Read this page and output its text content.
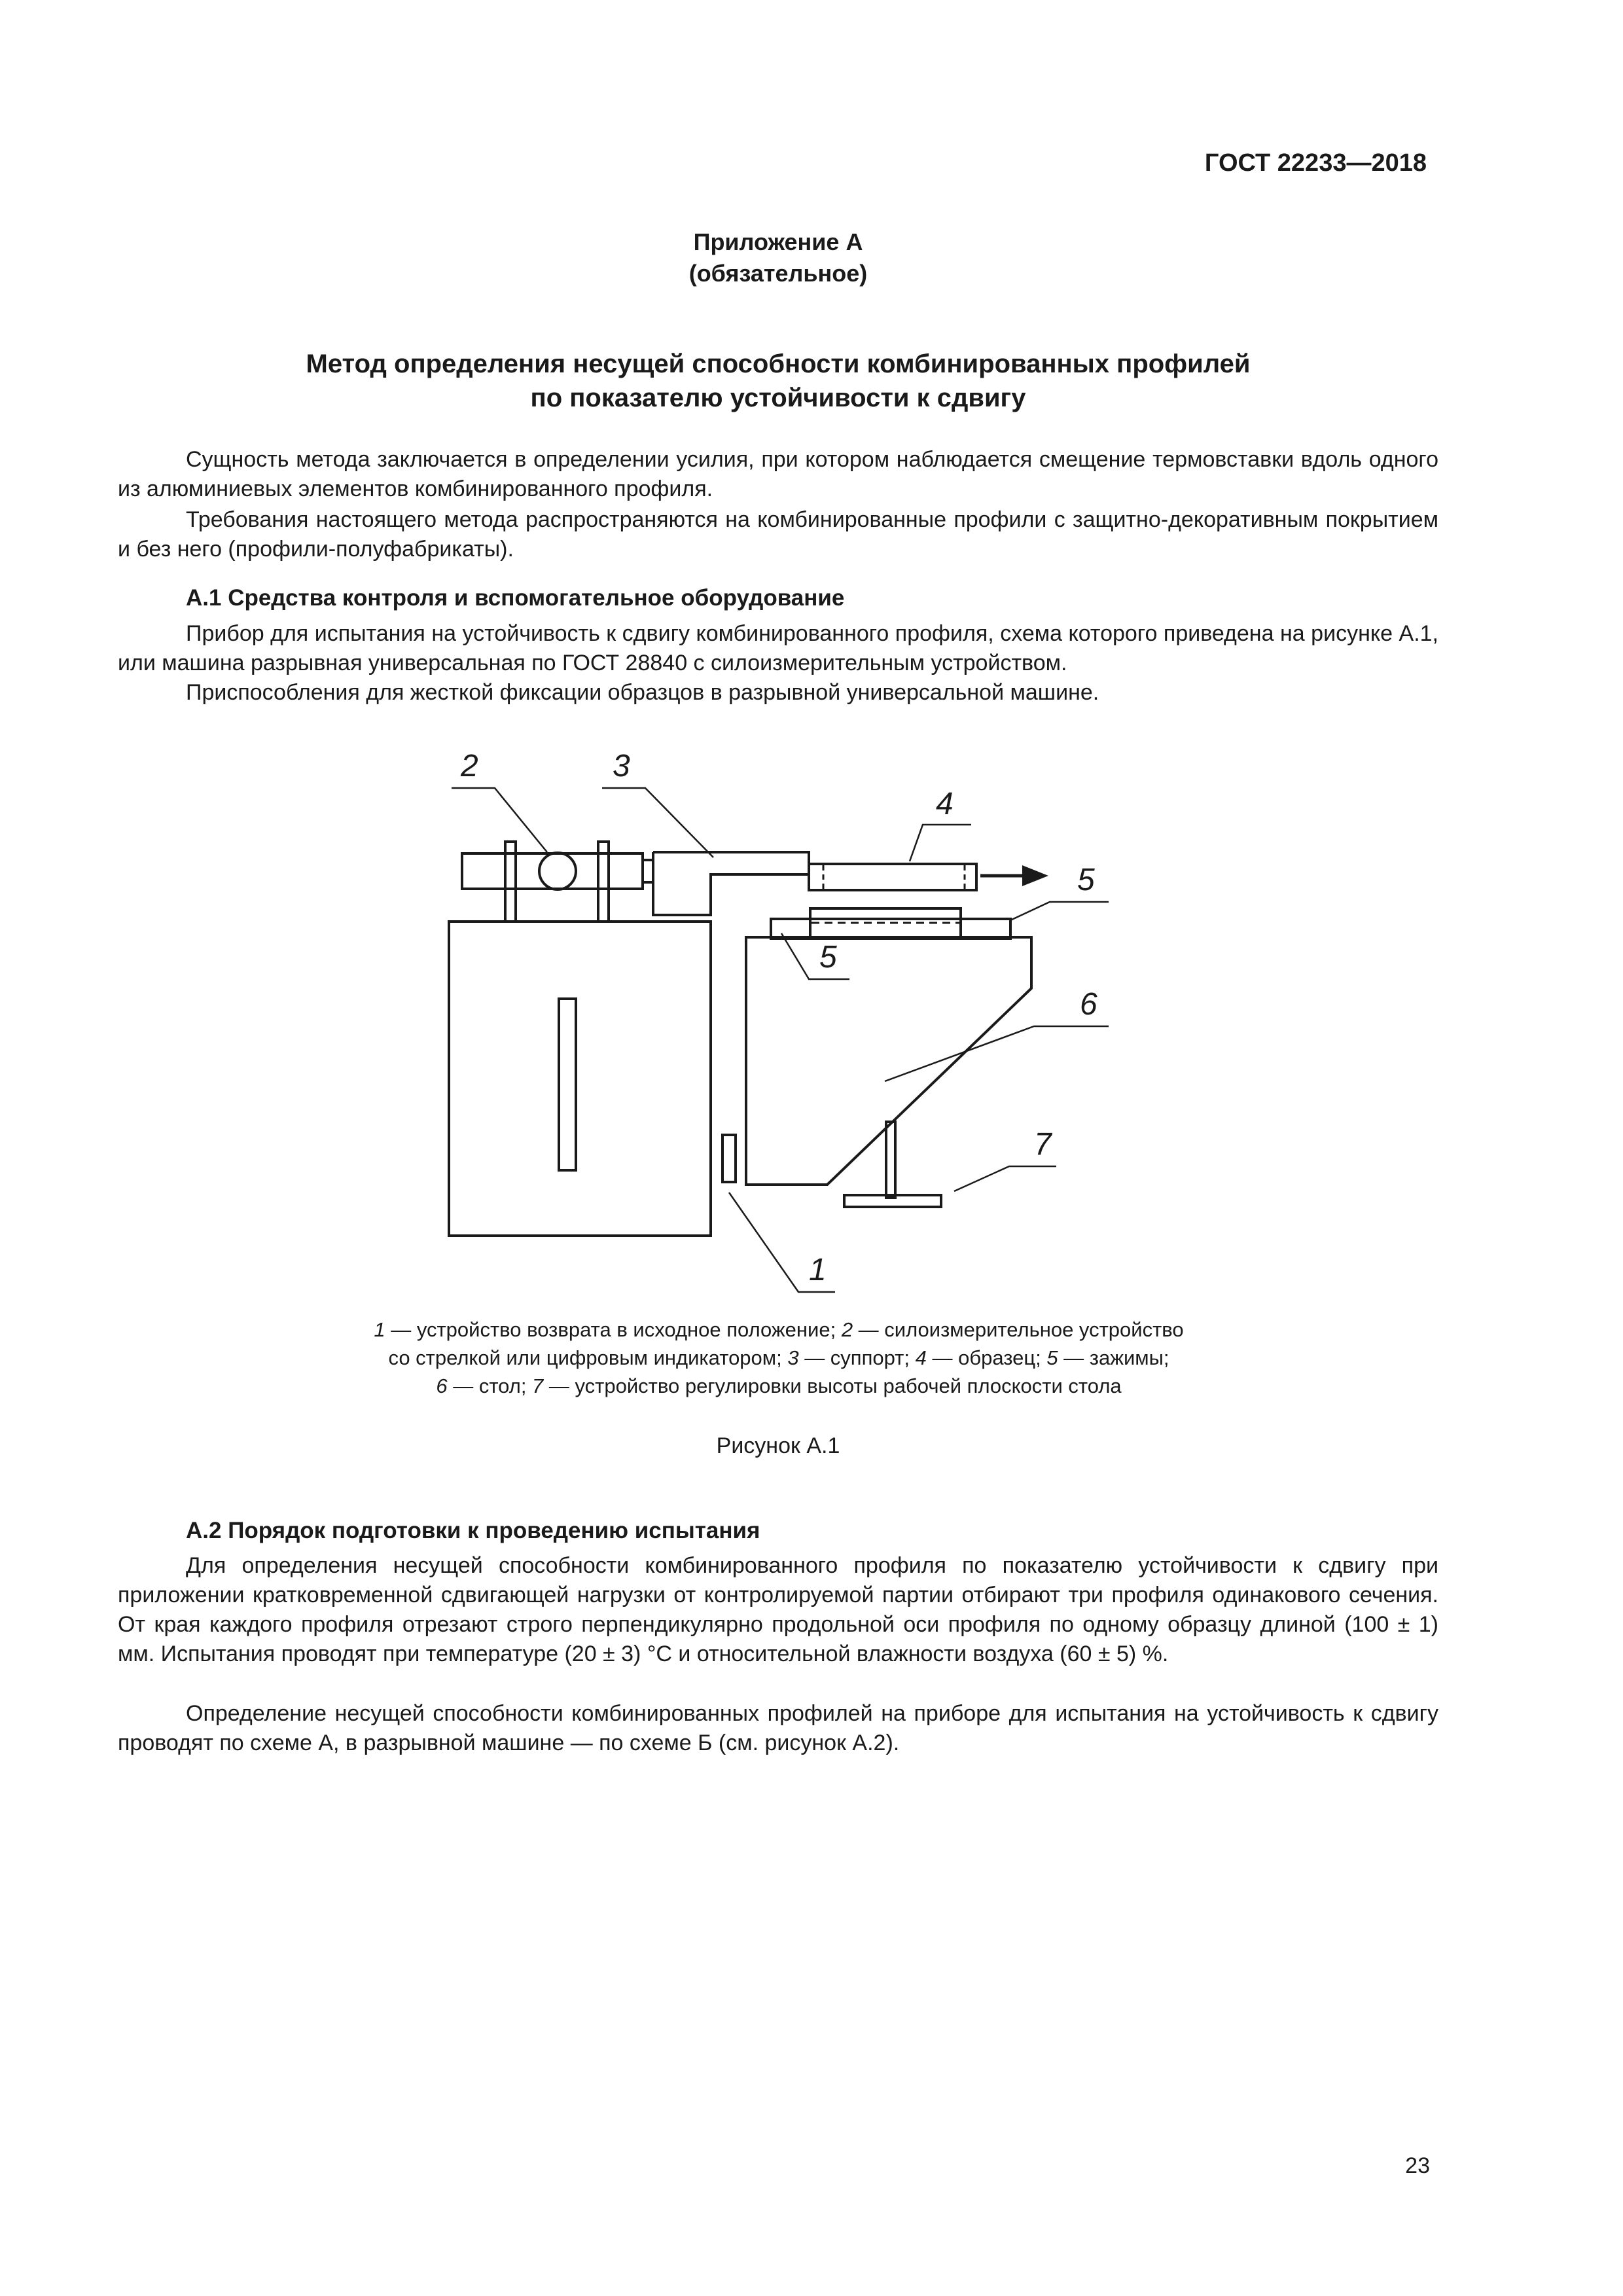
ГОСТ 22233—2018
Приложение А
(обязательное)
Метод определения несущей способности комбинированных профилей
по показателю устойчивости к сдвигу

Сущность метода заключается в определении усилия, при котором наблюдается смещение термовставки вдоль одного из алюминиевых элементов комбинированного профиля.

Требования настоящего метода распространяются на комбинированные профили с защитно-декоративным покрытием и без него (профили-полуфабрикаты).

А.1 Средства контроля и вспомогательное оборудование

Прибор для испытания на устойчивость к сдвигу комбинированного профиля, схема которого приведена на рисунке А.1, или машина разрывная универсальная по ГОСТ 28840 с силоизмерительным устройством.

Приспособления для жесткой фиксации образцов в разрывной универсальной машине.

2	3
4
5
5
6
7
1
1 — устройство возврата в исходное положение; 2 — силоизмерительное устройство
со стрелкой или цифровым индикатором; 3 — суппорт; 4 — образец; 5 — зажимы;
6 — стол; 7 — устройство регулировки высоты рабочей плоскости стола
Рисунок А.1
А.2 Порядок подготовки к проведению испытания

Для определения несущей способности комбинированного профиля по показателю устойчивости к сдвигу при приложении кратковременной сдвигающей нагрузки от контролируемой партии отбирают три профиля одинакового сечения. От края каждого профиля отрезают строго перпендикулярно продольной оси профиля по одному образцу длиной (100 ± 1) мм. Испытания проводят при температуре (20 ± 3) °С и относительной влажности воздуха (60 ± 5) %.

Определение несущей способности комбинированных профилей на приборе для испытания на устойчивость к сдвигу проводят по схеме А, в разрывной машине — по схеме Б (см. рисунок А.2).

23
